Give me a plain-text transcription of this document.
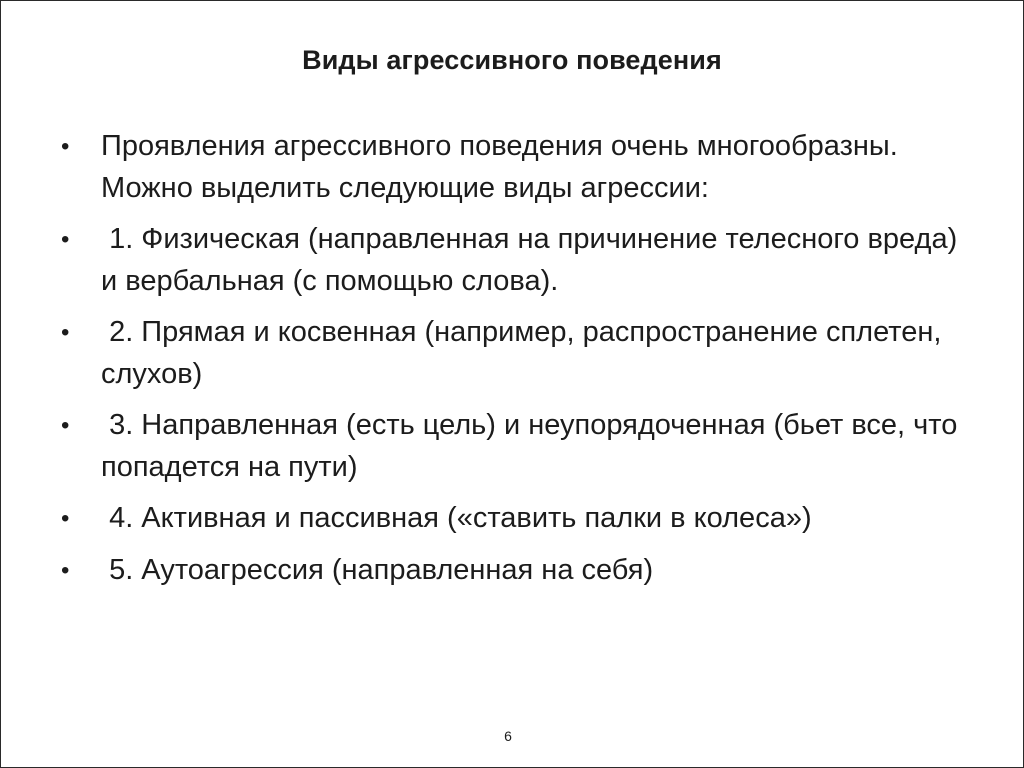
Виды агрессивного поведения
•	Проявления агрессивного поведения очень многообразны. Можно выделить следующие виды агрессии:
•	1. Физическая (направленная на причинение телесного вреда) и вербальная (с помощью слова).
•	2. Прямая и косвенная (например, распространение сплетен, слухов)
•	3. Направленная (есть цель) и неупорядоченная (бьет все, что попадется на пути)
•	4. Активная и пассивная («ставить палки в колеса»)
•	5. Аутоагрессия (направленная на себя)
6
